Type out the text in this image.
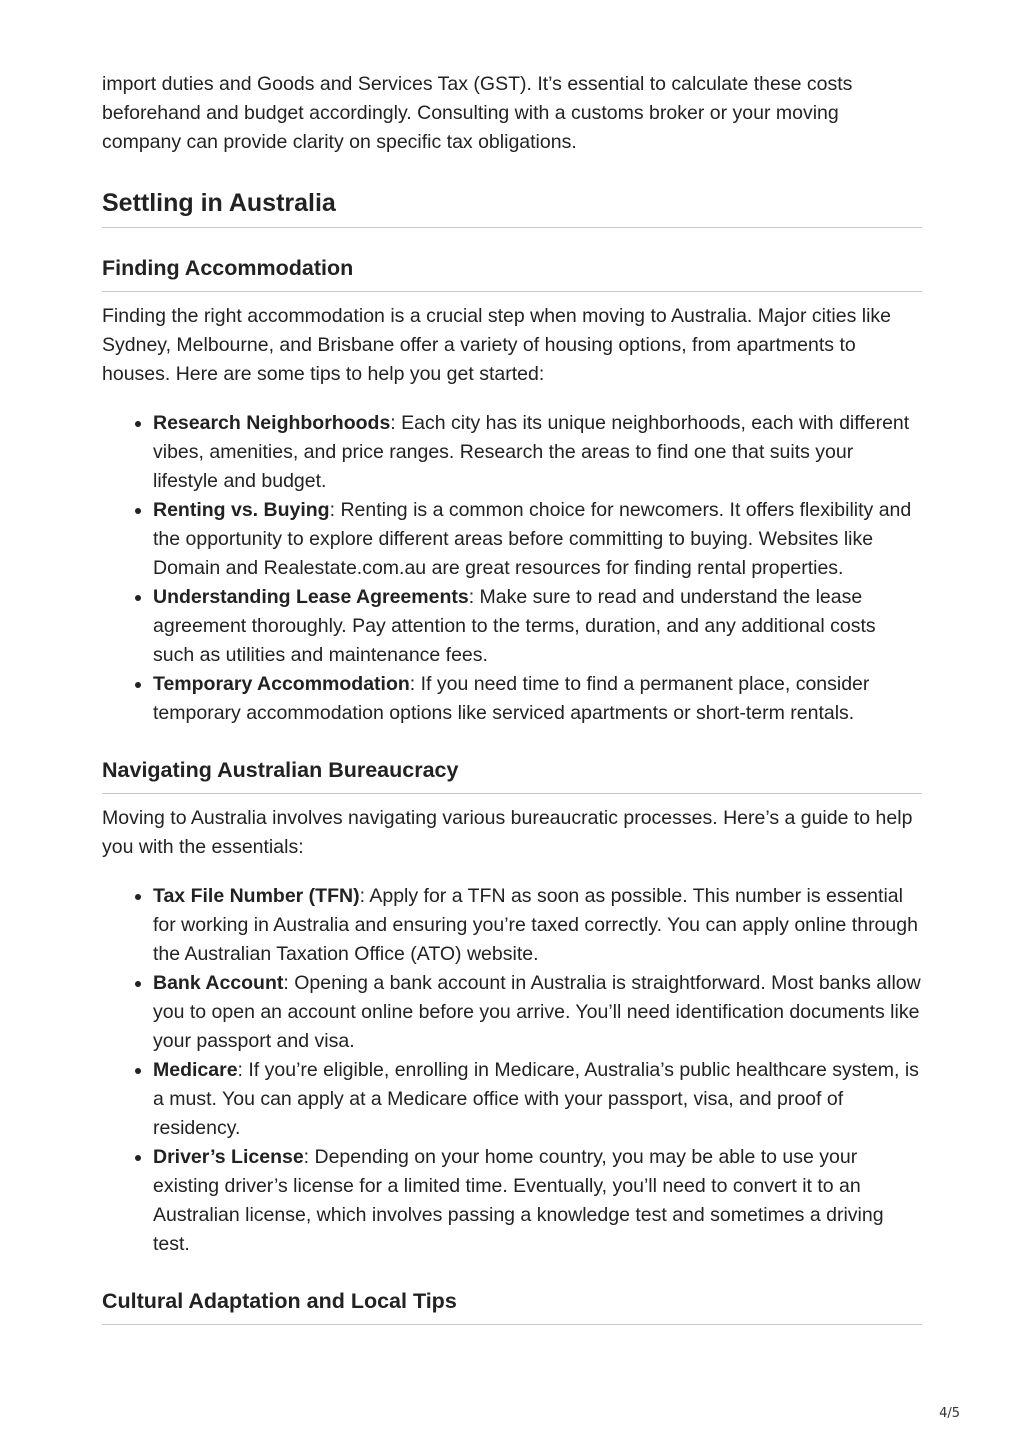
import duties and Goods and Services Tax (GST). It’s essential to calculate these costs beforehand and budget accordingly. Consulting with a customs broker or your moving company can provide clarity on specific tax obligations.

Settling in Australia
Finding Accommodation

Finding the right accommodation is a crucial step when moving to Australia. Major cities like Sydney, Melbourne, and Brisbane offer a variety of housing options, from apartments to houses. Here are some tips to help you get started:

• Research Neighborhoods: Each city has its unique neighborhoods, each with different vibes, amenities, and price ranges. Research the areas to find one that suits your lifestyle and budget.
• Renting vs. Buying: Renting is a common choice for newcomers. It offers flexibility and the opportunity to explore different areas before committing to buying. Websites like Domain and Realestate.com.au are great resources for finding rental properties.
• Understanding Lease Agreements: Make sure to read and understand the lease agreement thoroughly. Pay attention to the terms, duration, and any additional costs such as utilities and maintenance fees.
• Temporary Accommodation: If you need time to find a permanent place, consider temporary accommodation options like serviced apartments or short-term rentals.
Navigating Australian Bureaucracy

Moving to Australia involves navigating various bureaucratic processes. Here’s a guide to help you with the essentials:

• Tax File Number (TFN): Apply for a TFN as soon as possible. This number is essential for working in Australia and ensuring you’re taxed correctly. You can apply online through the Australian Taxation Office (ATO) website.
• Bank Account: Opening a bank account in Australia is straightforward. Most banks allow you to open an account online before you arrive. You’ll need identification documents like your passport and visa.
• Medicare: If you’re eligible, enrolling in Medicare, Australia’s public healthcare system, is a must. You can apply at a Medicare office with your passport, visa, and proof of residency.
• Driver’s License: Depending on your home country, you may be able to use your existing driver’s license for a limited time. Eventually, you’ll need to convert it to an Australian license, which involves passing a knowledge test and sometimes a driving test.
Cultural Adaptation and Local Tips
4/5
